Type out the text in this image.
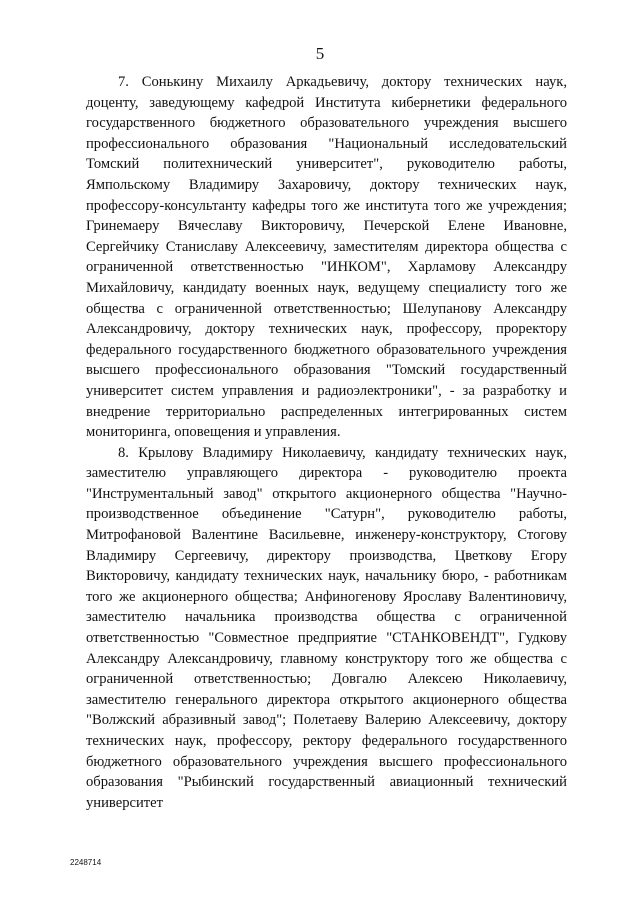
5

7. Сонькину Михаилу Аркадьевичу, доктору технических наук, доценту, заведующему кафедрой Института кибернетики федерального государственного бюджетного образовательного учреждения высшего профессионального образования "Национальный исследовательский Томский политехнический университет", руководителю работы, Ямпольскому Владимиру Захаровичу, доктору технических наук, профессору-консультанту кафедры того же института того же учреждения; Гринемаеру Вячеславу Викторовичу, Печерской Елене Ивановне, Сергейчику Станиславу Алексеевичу, заместителям директора общества с ограниченной ответственностью "ИНКОМ", Харламову Александру Михайловичу, кандидату военных наук, ведущему специалисту того же общества с ограниченной ответственностью; Шелупанову Александру Александровичу, доктору технических наук, профессору, проректору федерального государственного бюджетного образовательного учреждения высшего профессионального образования "Томский государственный университет систем управления и радиоэлектроники", - за разработку и внедрение территориально распределенных интегрированных систем мониторинга, оповещения и управления.

8. Крылову Владимиру Николаевичу, кандидату технических наук, заместителю управляющего директора - руководителю проекта "Инструментальный завод" открытого акционерного общества "Научно-производственное объединение "Сатурн", руководителю работы, Митрофановой Валентине Васильевне, инженеру-конструктору, Стогову Владимиру Сергеевичу, директору производства, Цветкову Егору Викторовичу, кандидату технических наук, начальнику бюро, - работникам того же акционерного общества; Анфиногенову Ярославу Валентиновичу, заместителю начальника производства общества с ограниченной ответственностью "Совместное предприятие "СТАНКОВЕНДТ", Гудкову Александру Александровичу, главному конструктору того же общества с ограниченной ответственностью; Довгалю Алексею Николаевичу, заместителю генерального директора открытого акционерного общества "Волжский абразивный завод"; Полетаеву Валерию Алексеевичу, доктору технических наук, профессору, ректору федерального государственного бюджетного образовательного учреждения высшего профессионального образования "Рыбинский государственный авиационный технический университет

2248714
